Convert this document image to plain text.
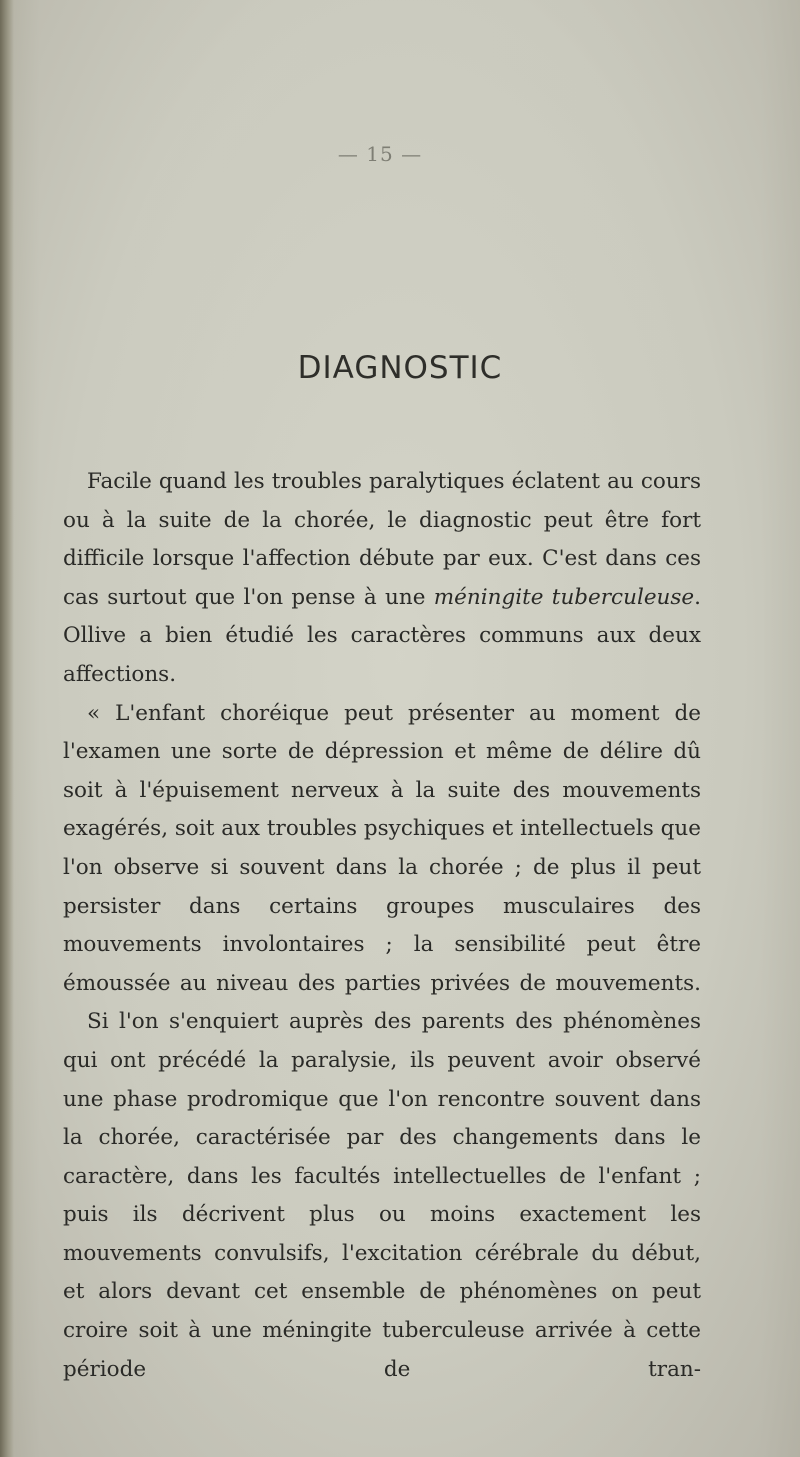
— 15 —
DIAGNOSTIC

Facile quand les troubles paralytiques éclatent au cours ou à la suite de la chorée, le diagnostic peut être fort difficile lorsque l'affection débute par eux. C'est dans ces cas surtout que l'on pense à une méningite tuberculeuse. Ollive a bien étudié les caractères communs aux deux affections.

« L'enfant choréique peut présenter au moment de l'examen une sorte de dépression et même de délire dû soit à l'épuisement nerveux à la suite des mouvements exagérés, soit aux troubles psychiques et intellectuels que l'on observe si souvent dans la chorée ; de plus il peut persister dans certains groupes musculaires des mouvements involontaires ; la sensibilité peut être émoussée au niveau des parties privées de mouvements.

Si l'on s'enquiert auprès des parents des phénomènes qui ont précédé la paralysie, ils peuvent avoir observé une phase prodromique que l'on rencontre souvent dans la chorée, caractérisée par des changements dans le caractère, dans les facultés intellectuelles de l'enfant ; puis ils décrivent plus ou moins exactement les mouvements convulsifs, l'excitation cérébrale du début, et alors devant cet ensemble de phénomènes on peut croire soit à une méningite tuberculeuse arrivée à cette période de tran-
